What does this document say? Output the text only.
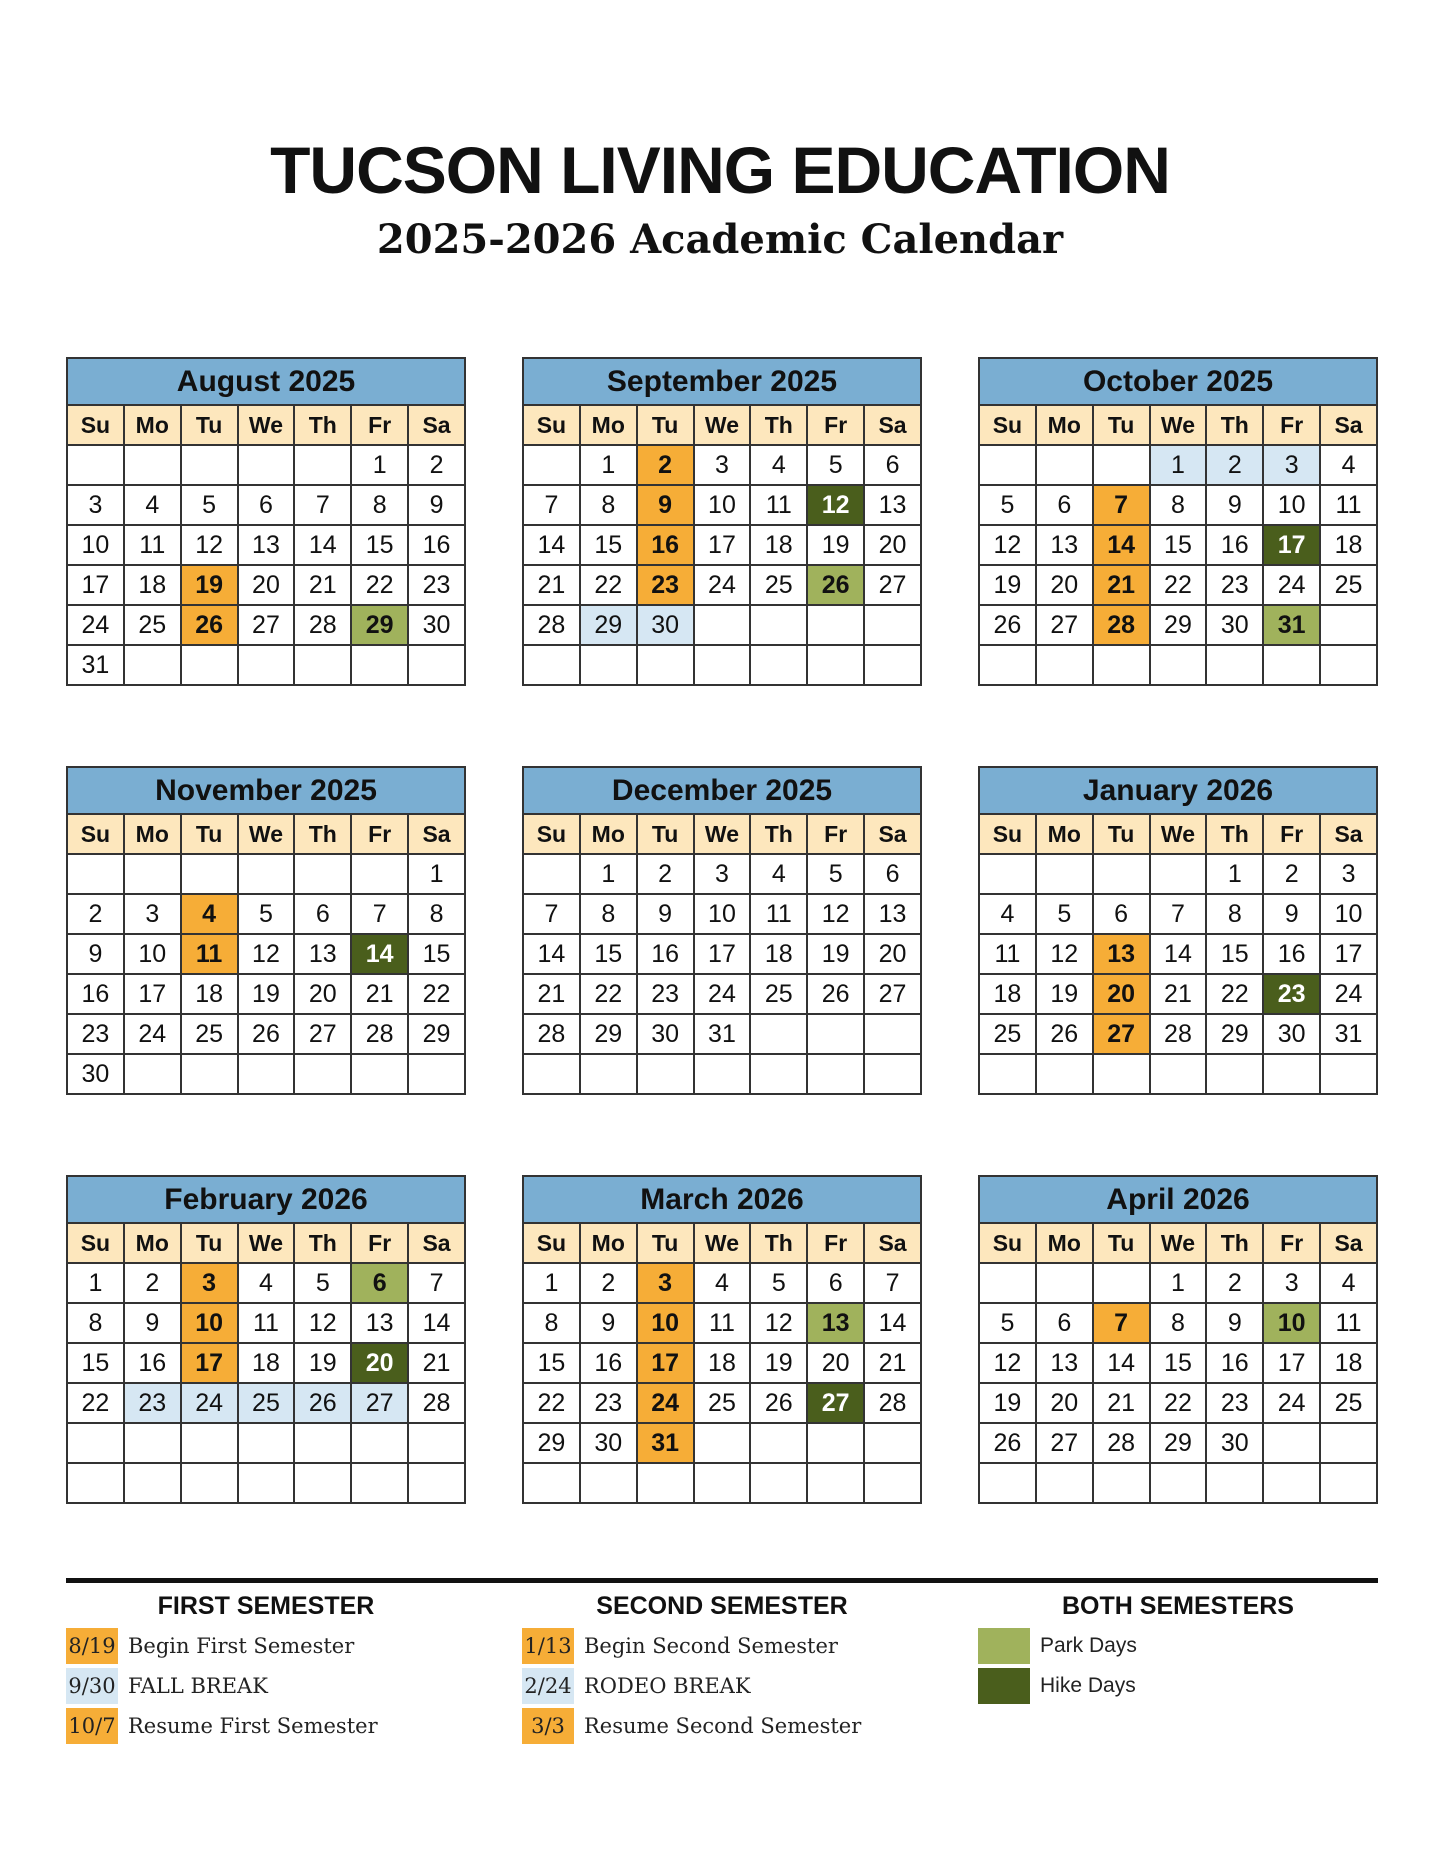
TUCSON LIVING EDUCATION
2025-2026 Academic Calendar
August 2025						
Su	Mo	Tu	We	Th	Fr	Sa
					1	2
3	4	5	6	7	8	9
10	11	12	13	14	15	16
17	18	19	20	21	22	23
24	25	26	27	28	29	30
31						
September 2025						
Su	Mo	Tu	We	Th	Fr	Sa
	1	2	3	4	5	6
7	8	9	10	11	12	13
14	15	16	17	18	19	20
21	22	23	24	25	26	27
28	29	30				

October 2025						
Su	Mo	Tu	We	Th	Fr	Sa
			1	2	3	4
5	6	7	8	9	10	11
12	13	14	15	16	17	18
19	20	21	22	23	24	25
26	27	28	29	30	31	

November 2025						
Su	Mo	Tu	We	Th	Fr	Sa
						1
2	3	4	5	6	7	8
9	10	11	12	13	14	15
16	17	18	19	20	21	22
23	24	25	26	27	28	29
30						
December 2025						
Su	Mo	Tu	We	Th	Fr	Sa
	1	2	3	4	5	6
7	8	9	10	11	12	13
14	15	16	17	18	19	20
21	22	23	24	25	26	27
28	29	30	31			

January 2026						
Su	Mo	Tu	We	Th	Fr	Sa
				1	2	3
4	5	6	7	8	9	10
11	12	13	14	15	16	17
18	19	20	21	22	23	24
25	26	27	28	29	30	31

February 2026						
Su	Mo	Tu	We	Th	Fr	Sa
1	2	3	4	5	6	7
8	9	10	11	12	13	14
15	16	17	18	19	20	21
22	23	24	25	26	27	28

March 2026						
Su	Mo	Tu	We	Th	Fr	Sa
1	2	3	4	5	6	7
8	9	10	11	12	13	14
15	16	17	18	19	20	21
22	23	24	25	26	27	28
29	30	31				

April 2026						
Su	Mo	Tu	We	Th	Fr	Sa
			1	2	3	4
5	6	7	8	9	10	11
12	13	14	15	16	17	18
19	20	21	22	23	24	25
26	27	28	29	30		

FIRST SEMESTER
8/19 Begin First Semester
9/30 FALL BREAK
10/7 Resume First Semester
SECOND SEMESTER
1/13 Begin Second Semester
2/24 RODEO BREAK
3/3 Resume Second Semester
BOTH SEMESTERS
Park Days
Hike Days
